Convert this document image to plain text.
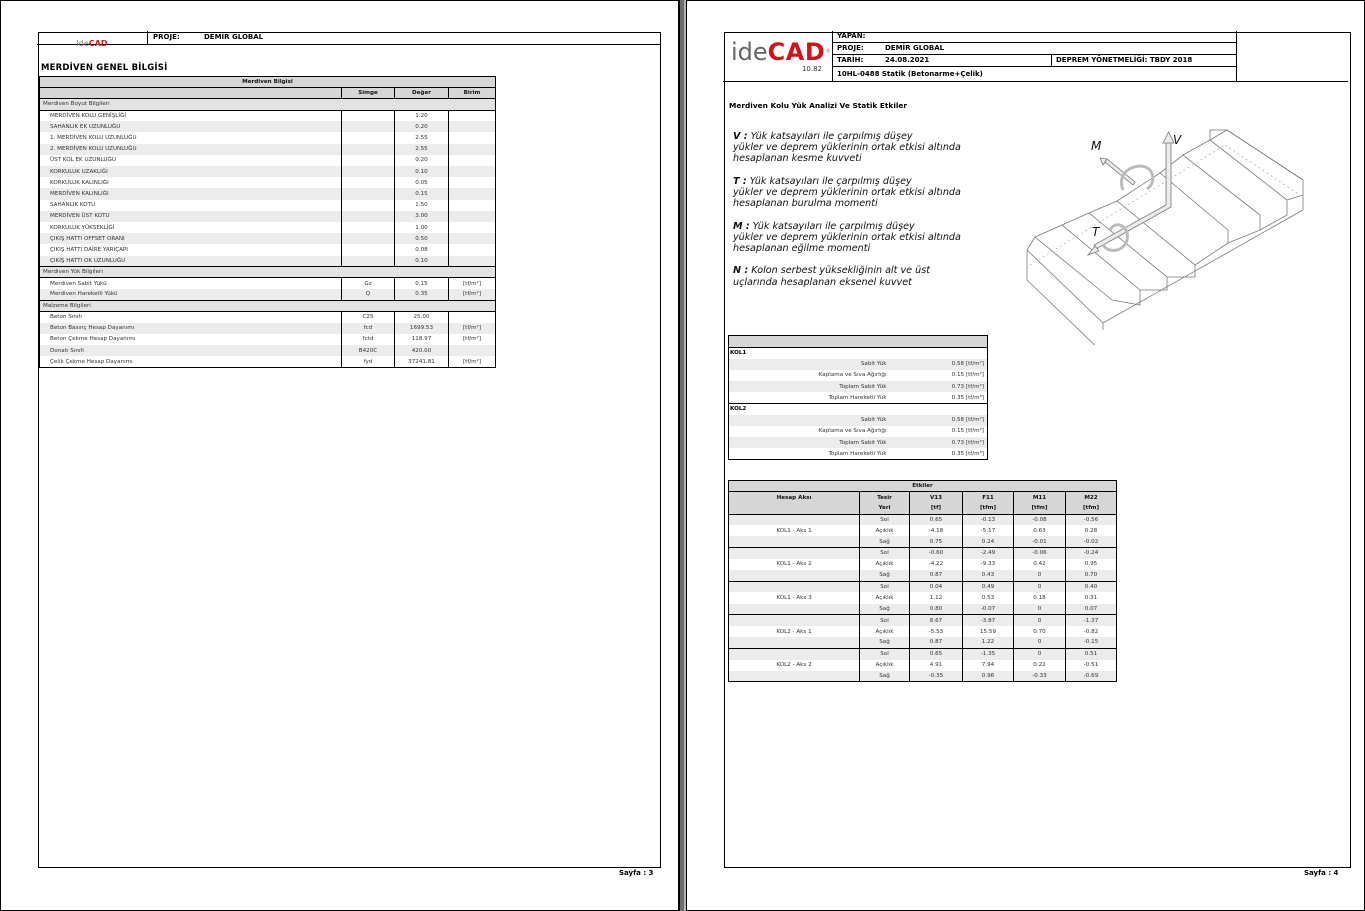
ideCAD
PROJE:	DEMİR GLOBAL
MERDİVEN GENEL BİLGİSİ
Merdiven Bilgisi			
	Simge	Değer	Birim
Merdiven Boyut Bilgileri			
MERDİVEN KOLU GENİŞLİĞİ		1.20	
SAHANLIK EK UZUNLUĞU		0.20	
1. MERDİVEN KOLU UZUNLUĞU		2.55	
2. MERDİVEN KOLU UZUNLUĞU		2.55	
ÜST KOL EK UZUNLUĞU		0.20	
KORKULUK UZAKLIĞI		0.10	
KORKULUK KALINLIĞI		0.05	
MERDİVEN KALINLIĞI		0.15	
SAHANLIK KOTU		1.50	
MERDİVEN ÜST KOTU		3.00	
KORKULUK YÜKSEKLİĞİ		1.00	
ÇIKIŞ HATTI OFFSET ORANI		0.50	
ÇIKIŞ HATTI DAİRE YARIÇAPI		0.08	
ÇIKIŞ HATTI OK UZUNLUĞU		0.10	
Merdiven Yük Bilgileri			
Merdiven Sabit Yükü	Gz	0.15	[tf/m²]
Merdiven Hareketli Yükü	Q	0.35	[tf/m²]
Malzeme Bilgileri			
Beton Sınıfı	C25	25.00	
Beton Basınç Hesap Dayanımı	fcd	1699.53	[tf/m²]
Beton Çekme Hesap Dayanımı	fctd	118.97	[tf/m²]
Donatı Sınıfı	B420C	420.00	
Çelik Çekme Hesap Dayanımı	fyd	37241.81	[tf/m²]
Sayfa : 3
ideCAD®
10.82
YAPAN:
PROJE:	DEMİR GLOBAL
TARİH:	24.08.2021	DEPREM YÖNETMELİĞİ: TBDY 2018
10HL-0488 Statik (Betonarme+Çelik)
Merdiven Kolu Yük Analizi Ve Statik Etkiler

V : Yük katsayıları ile çarpılmış düşey
yükler ve deprem yüklerinin ortak etkisi altında
hesaplanan kesme kuvveti

T : Yük katsayıları ile çarpılmış düşey
yükler ve deprem yüklerinin ortak etkisi altında
hesaplanan burulma momenti

M : Yük katsayıları ile çarpılmış düşey
yükler ve deprem yüklerinin ortak etkisi altında
hesaplanan eğilme momenti

N : Kolon serbest yüksekliğinin alt ve üst
uçlarında hesaplanan eksenel kuvvet

M	V
T

KOL1	
Sabit Yük	0.58 [tf/m²]
Kaplama ve Sıva Ağırlığı	0.15 [tf/m²]
Toplam Sabit Yük	0.73 [tf/m²]
Toplam Hareketli Yük	0.35 [tf/m²]
KOL2	
Sabit Yük	0.58 [tf/m²]
Kaplama ve Sıva Ağırlığı	0.15 [tf/m²]
Toplam Sabit Yük	0.73 [tf/m²]
Toplam Hareketli Yük	0.35 [tf/m²]
Etkiler					
Hesap Aksı	Tesir	V13	F11	M11	M22
	Yeri	[tf]	[tfm]	[tfm]	[tfm]
	Sol	0.65	-0.13	-0.08	-0.56
KOL1 - Aks 1	Açıklık	-4.18	-5.17	0.63	0.28
	Sağ	0.75	0.24	-0.01	-0.02
	Sol	-0.60	-2.49	-0.06	-0.24
KOL1 - Aks 2	Açıklık	-4.22	-9.33	0.42	0.95
	Sağ	0.87	0.43	0	0.70
	Sol	0.04	0.49	0	0.40
KOL1 - Aks 3	Açıklık	1.12	0.53	0.18	0.31
	Sağ	0.80	-0.07	0	0.07
	Sol	8.67	-3.87	0	-1.37
KOL2 - Aks 1	Açıklık	-5.53	15.59	0.70	-0.82
	Sağ	0.87	1.22	0	-0.15
	Sol	0.65	-1.35	0	0.51
KOL2 - Aks 2	Açıklık	4.91	7.94	0.22	-0.51
	Sağ	-0.35	0.96	-0.33	-0.69
Sayfa : 4
